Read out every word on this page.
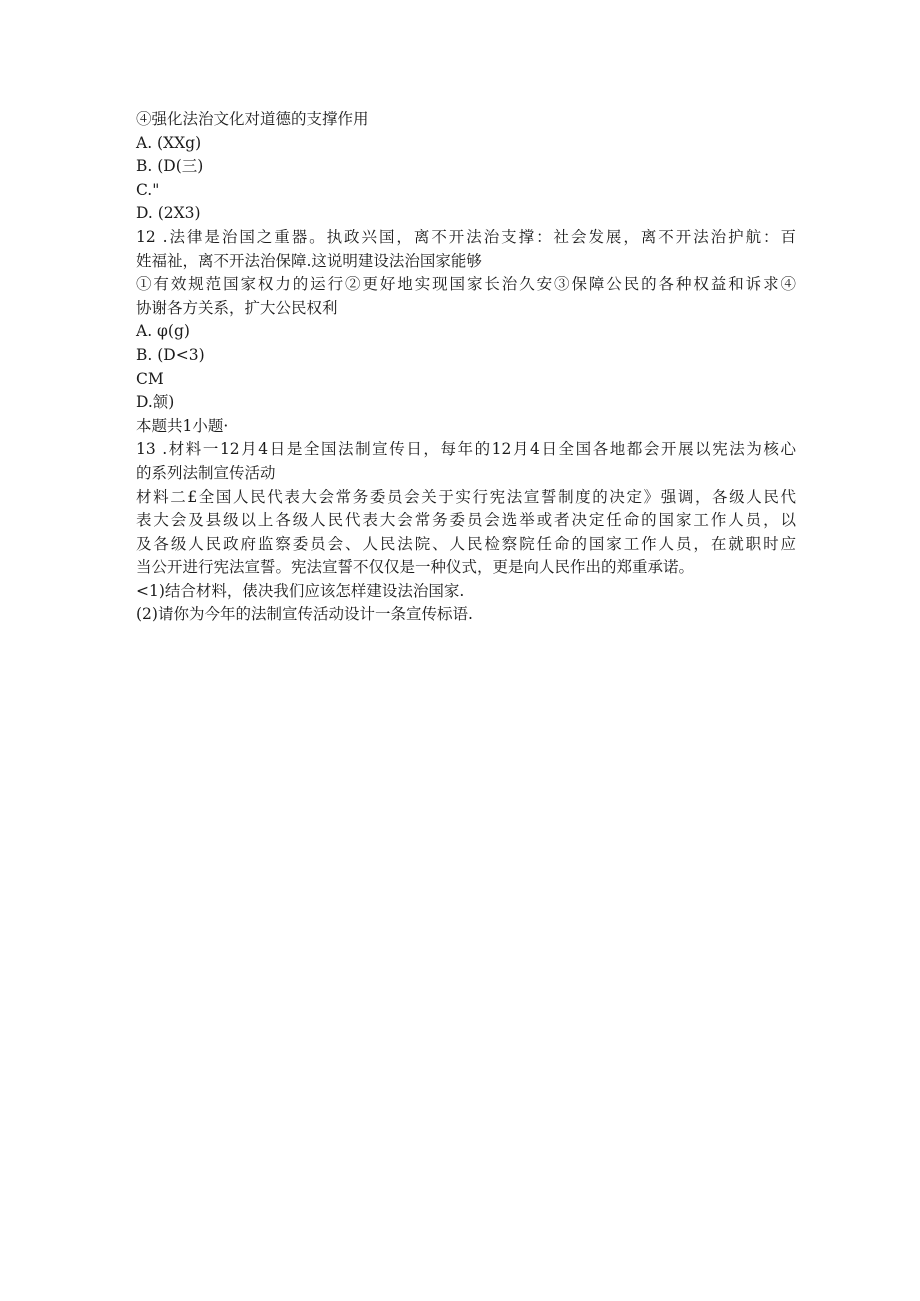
④强化法治文化对道德的支撑作用
A. (XXg)
B. (D(三)
C."
D. (2X3)
12 .法律是治国之重器。执政兴国，离不开法治支撑：社会发展，离不开法治护航：百
姓福祉，离不开法治保障.这说明建设法治国家能够
①有效规范国家权力的运行②更好地实现国家长治久安③保障公民的各种权益和诉求④
协谢各方关系，扩大公民权利
A. φ(g)
B. (D<3)
CM
D.颔)
本题共1小题·
13 .材料一12月4日是全国法制宣传日，每年的12月4日全国各地都会开展以宪法为核心
的系列法制宣传活动
材料二£全国人民代表大会常务委员会关于实行宪法宣誓制度的决定》强调，各级人民代
表大会及县级以上各级人民代表大会常务委员会选举或者决定任命的国家工作人员，以
及各级人民政府监察委员会、人民法院、人民检察院任命的国家工作人员，在就职时应
当公开进行宪法宣誓。宪法宣誓不仅仅是一种仪式，更是向人民作出的郑重承诺。
<1)结合材料，俵决我们应该怎样建设法治国家.
(2)请你为今年的法制宣传活动设计一条宣传标语.
